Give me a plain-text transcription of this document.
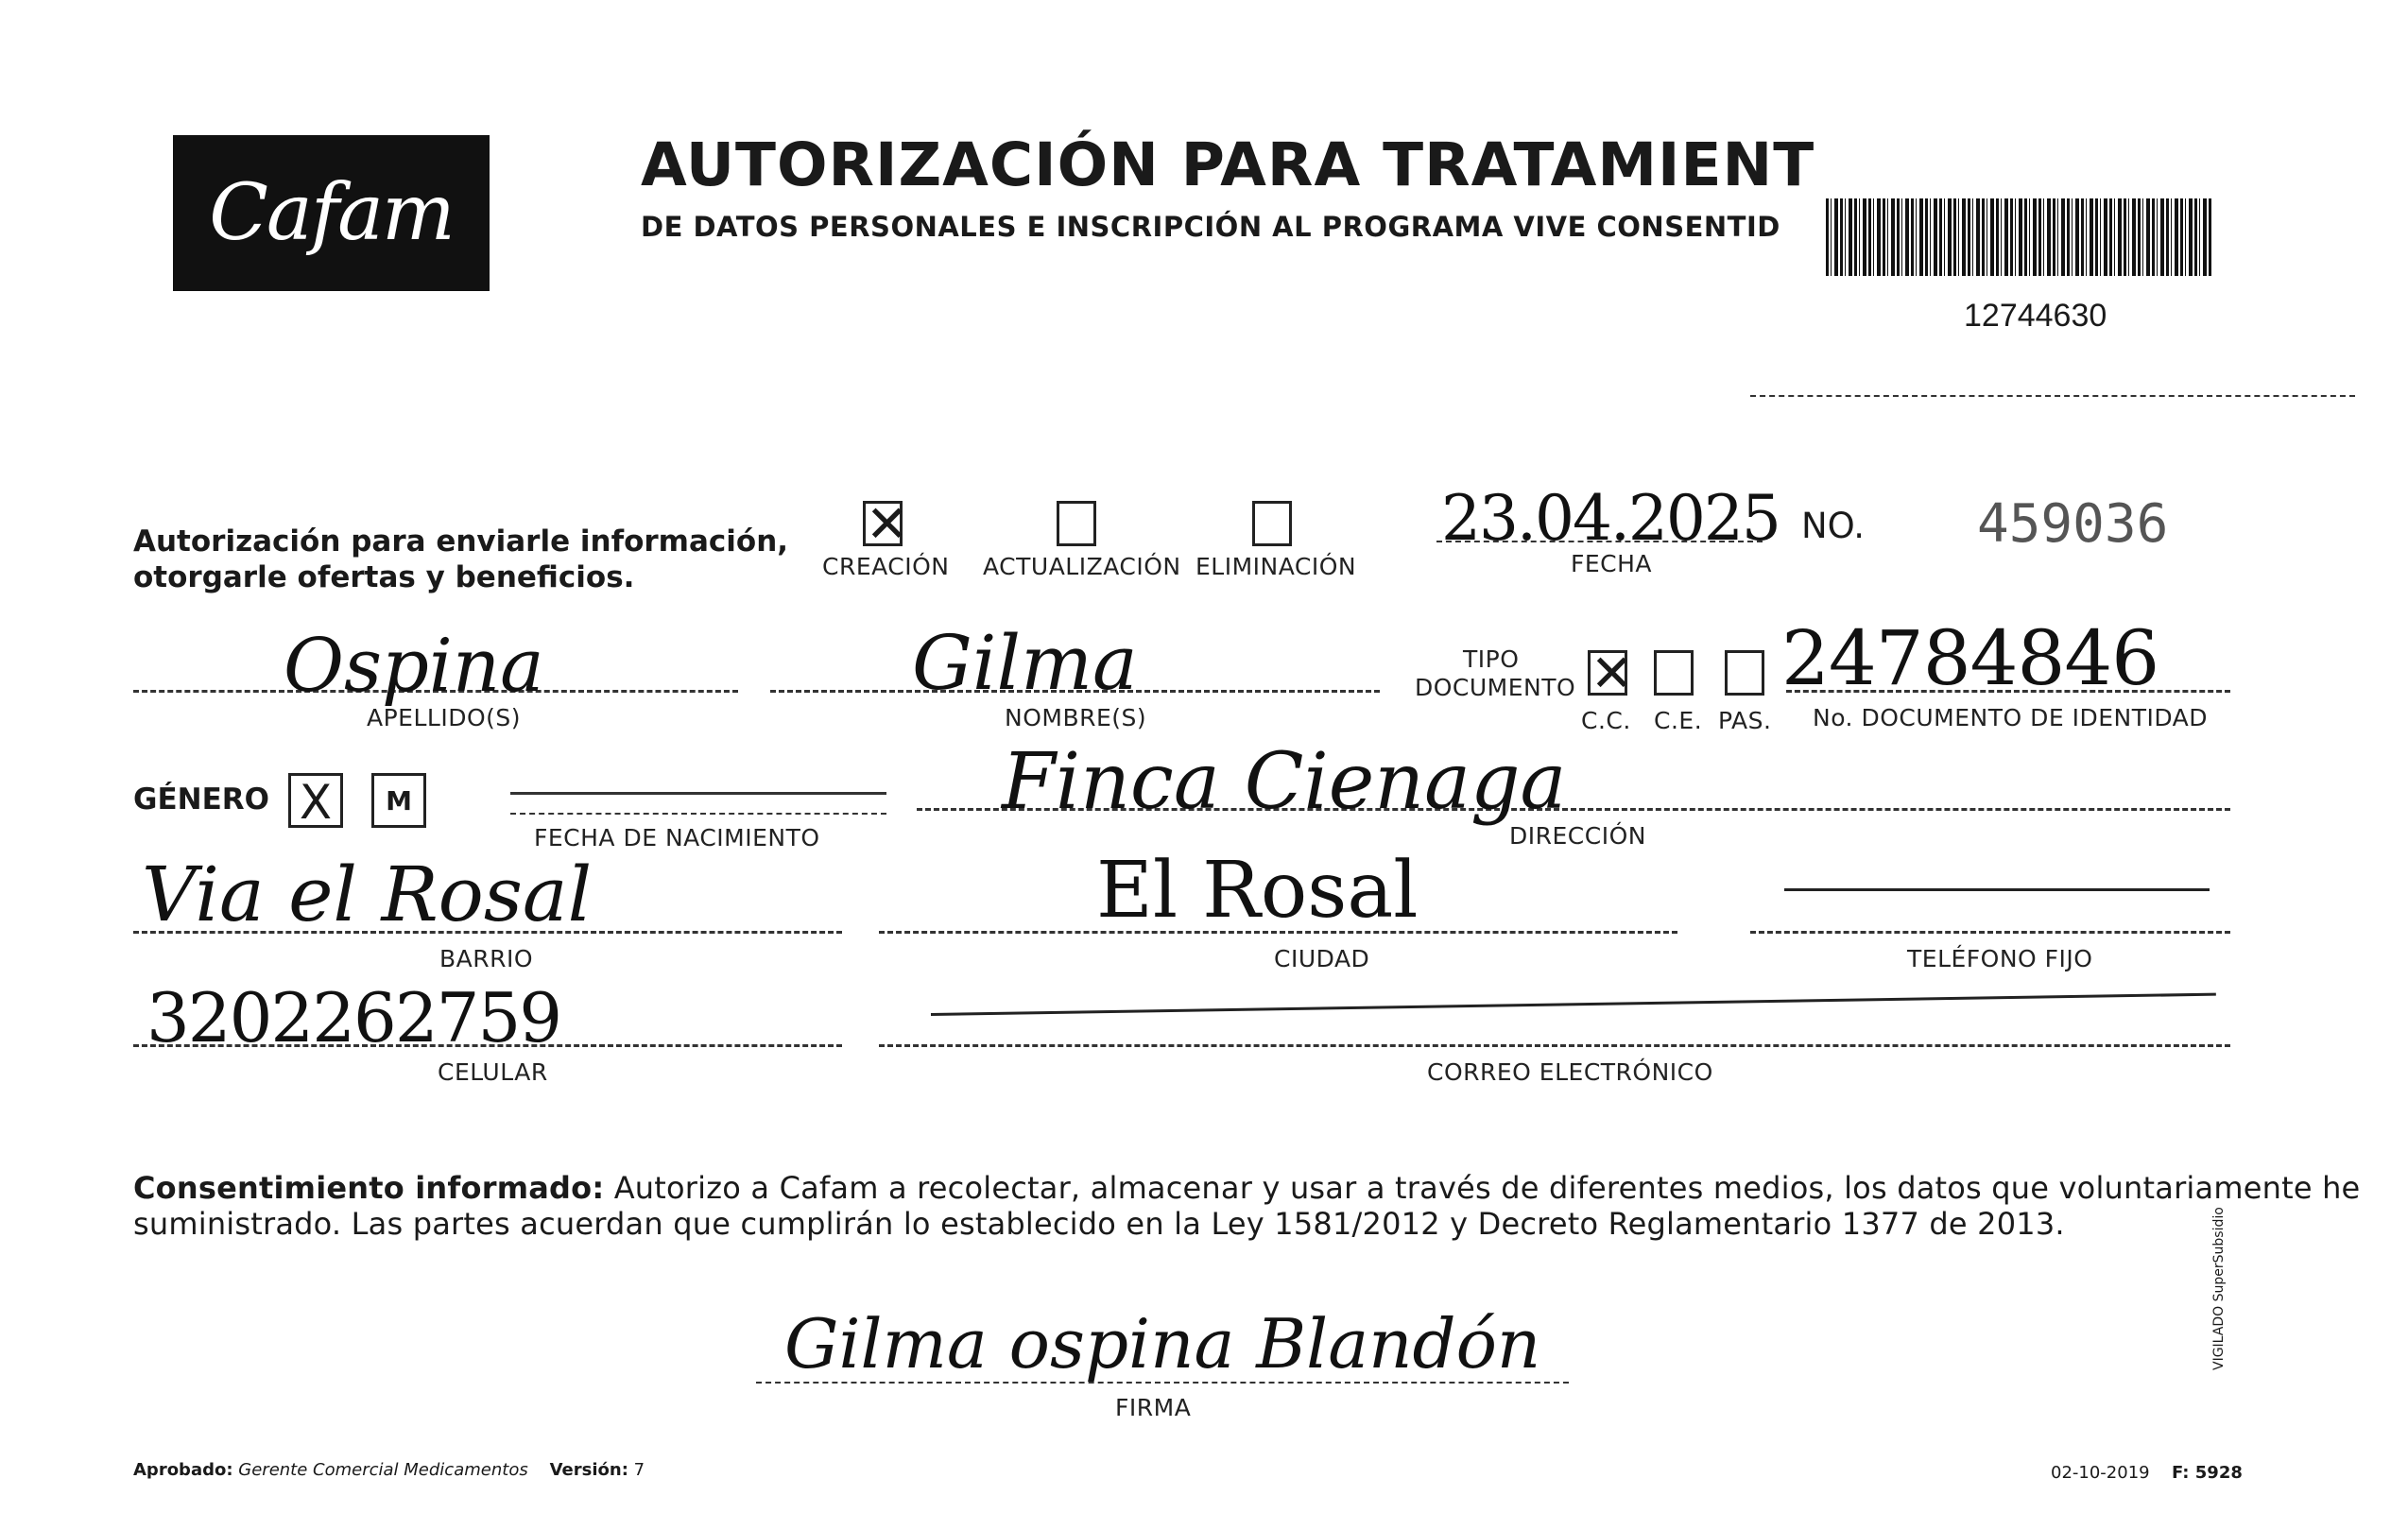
Cafam
AUTORIZACIÓN PARA TRATAMIENT
DE DATOS PERSONALES E INSCRIPCIÓN AL PROGRAMA VIVE CONSENTID
12744630
Autorización para enviarle información,
otorgarle ofertas y beneficios.
✕
CREACIÓN ACTUALIZACIÓN ELIMINACIÓN
23.04.2025
FECHA
NO. 459036
Ospina
APELLIDO(S)
Gilma
NOMBRE(S)
TIPO
DOCUMENTO ✕
C.C. C.E. PAS.
24784846
No. DOCUMENTO DE IDENTIDAD
GÉNERO X	M
FECHA DE NACIMIENTO
Finca Cienaga
DIRECCIÓN
Via el Rosal
BARRIO
El Rosal
CIUDAD	TELÉFONO FIJO
3202262759
CELULAR	CORREO ELECTRÓNICO
Consentimiento informado: Autorizo a Cafam a recolectar, almacenar y usar a través de diferentes medios, los datos que voluntariamente he
suministrado. Las partes acuerdan que cumplirán lo establecido en la Ley 1581/2012 y Decreto Reglamentario 1377 de 2013.
Gilma ospina Blandón
FIRMA
Aprobado: Gerente Comercial Medicamentos Versión: 7	02-10-2019 F: 5928
VIGILADO SuperSubsidio
